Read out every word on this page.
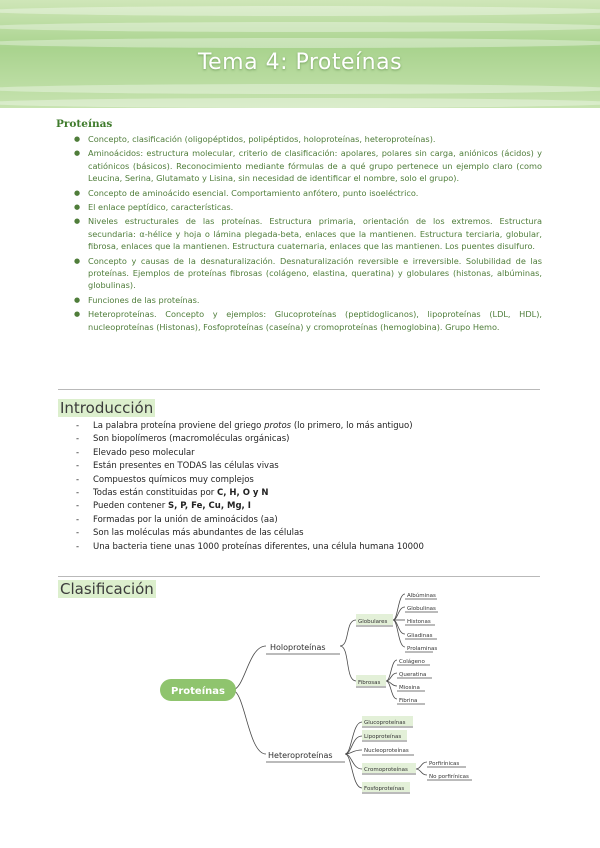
Tema 4: Proteínas
Proteínas
● Concepto, clasificación (oligopéptidos, polipéptidos, holoproteínas, heteroproteínas).
● Aminoácidos: estructura molecular, criterio de clasificación: apolares, polares sin carga, aniónicos (ácidos) y catiónicos (básicos). Reconocimiento mediante fórmulas de a qué grupo pertenece un ejemplo claro (como Leucina, Serina, Glutamato y Lisina, sin necesidad de identificar el nombre, solo el grupo).
● Concepto de aminoácido esencial. Comportamiento anfótero, punto isoeléctrico.
● El enlace peptídico, características.
● Niveles estructurales de las proteínas. Estructura primaria, orientación de los extremos. Estructura secundaria: α-hélice y hoja o lámina plegada-beta, enlaces que la mantienen. Estructura terciaria, globular, fibrosa, enlaces que la mantienen. Estructura cuaternaria, enlaces que las mantienen. Los puentes disulfuro.
● Concepto y causas de la desnaturalización. Desnaturalización reversible e irreversible. Solubilidad de las proteínas. Ejemplos de proteínas fibrosas (colágeno, elastina, queratina) y globulares (histonas, albúminas, globulinas).
● Funciones de las proteínas.
● Heteroproteínas. Concepto y ejemplos: Glucoproteínas (peptidoglicanos), lipoproteínas (LDL, HDL), nucleoproteínas (Histonas), Fosfoproteínas (caseína) y cromoproteínas (hemoglobina). Grupo Hemo.
Introducción
- La palabra proteína proviene del griego protos (lo primero, lo más antiguo)
- Son biopolímeros (macromoléculas orgánicas)
- Elevado peso molecular
- Están presentes en TODAS las células vivas
- Compuestos químicos muy complejos
- Todas están constituidas por C, H, O y N
- Pueden contener S, P, Fe, Cu, Mg, I
- Formadas por la unión de aminoácidos (aa)
- Son las moléculas más abundantes de las células
- Una bacteria tiene unas 1000 proteínas diferentes, una célula humana 10000
Clasificación
Proteínas
Holoproteínas
Heteroproteínas
Globulares
Fibrosas
Albúminas
Globulinas
Histonas
Gliadinas
Prolaminas
Colágeno
Queratina
Miosina
Fibrina
Glucoproteínas
Lipoproteínas
Nucleoproteínas
Cromoproteínas
Fosfoproteínas
Porfirínicas
No porfirínicas
